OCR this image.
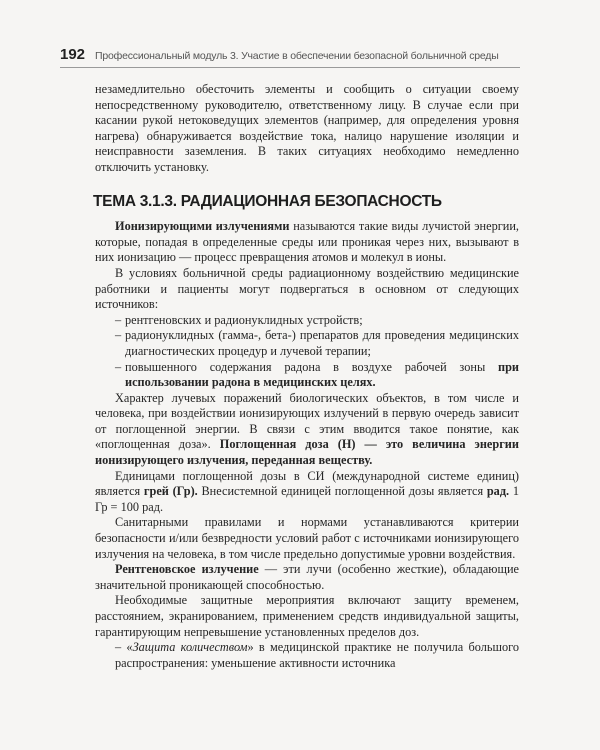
192 Профессиональный модуль 3. Участие в обеспечении безопасной больничной среды

незамедлительно обесточить элементы и сообщить о ситуации своему непосредственному руководителю, ответственному лицу. В случае если при касании рукой нетоковедущих элементов (например, для определения уровня нагрева) обнаруживается воздействие тока, налицо нарушение изоляции и неисправности заземления. В таких ситуациях необходимо немедленно отключить установку.

ТЕМА 3.1.3. РАДИАЦИОННАЯ БЕЗОПАСНОСТЬ

Ионизирующими излучениями называются такие виды лучистой энергии, которые, попадая в определенные среды или проникая через них, вызывают в них ионизацию — процесс превращения атомов и молекул в ионы.

В условиях больничной среды радиационному воздействию медицинские работники и пациенты могут подвергаться в основном от следующих источников:

– рентгеновских и радионуклидных устройств;
– радионуклидных (гамма-, бета-) препаратов для проведения медицинских диагностических процедур и лучевой терапии;
– повышенного содержания радона в воздухе рабочей зоны при использовании радона в медицинских целях.

Характер лучевых поражений биологических объектов, в том числе и человека, при воздействии ионизирующих излучений в первую очередь зависит от поглощенной энергии. В связи с этим вводится такое понятие, как «поглощенная доза». Поглощенная доза (Н) — это величина энергии ионизирующего излучения, переданная веществу.

Единицами поглощенной дозы в СИ (международной системе единиц) является грей (Гр). Внесистемной единицей поглощенной дозы является рад. 1 Гр = 100 рад.

Санитарными правилами и нормами устанавливаются критерии безопасности и/или безвредности условий работ с источниками ионизирующего излучения на человека, в том числе предельно допустимые уровни воздействия.

Рентгеновское излучение — эти лучи (особенно жесткие), обладающие значительной проникающей способностью.

Необходимые защитные мероприятия включают защиту временем, расстоянием, экранированием, применением средств индивидуальной защиты, гарантирующим непревышение установленных пределов доз.

– «Защита количеством» в медицинской практике не получила большого распространения: уменьшение активности источника
